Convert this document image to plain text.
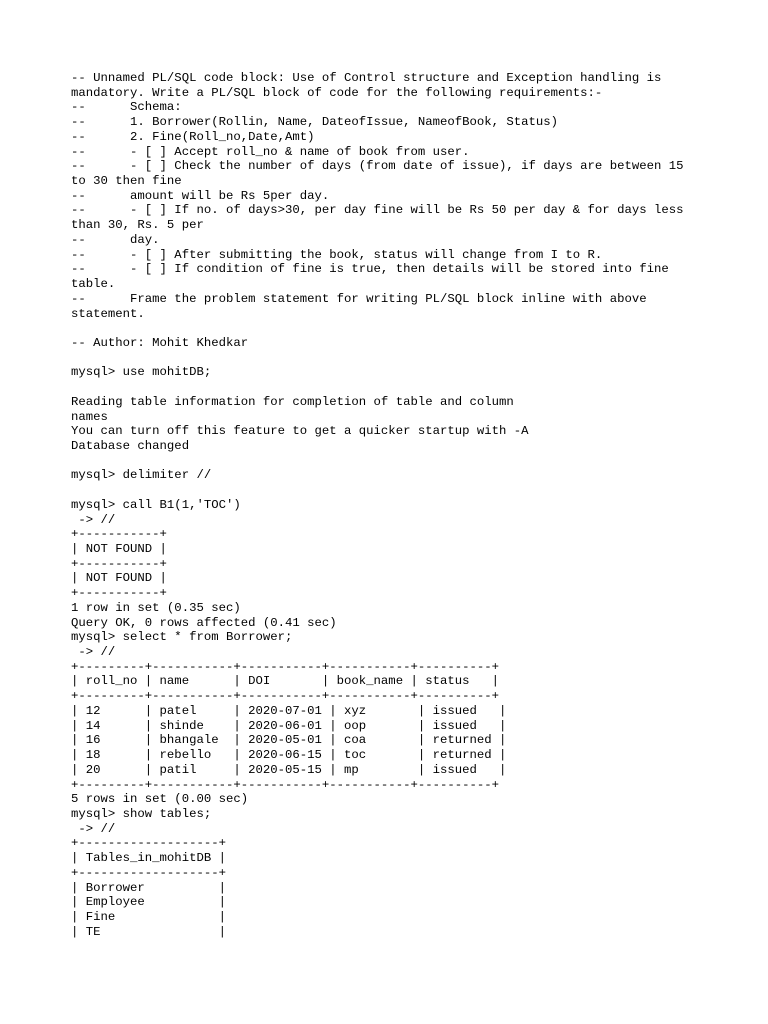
-- Unnamed PL/SQL code block: Use of Control structure and Exception handling is
mandatory. Write a PL/SQL block of code for the following requirements:-
--      Schema:
--      1. Borrower(Rollin, Name, DateofIssue, NameofBook, Status)
--      2. Fine(Roll_no,Date,Amt)
--      - [ ] Accept roll_no & name of book from user.
--      - [ ] Check the number of days (from date of issue), if days are between 15
to 30 then fine
--      amount will be Rs 5per day.
--      - [ ] If no. of days>30, per day fine will be Rs 50 per day & for days less
than 30, Rs. 5 per
--      day.
--      - [ ] After submitting the book, status will change from I to R.
--      - [ ] If condition of fine is true, then details will be stored into fine
table.
--      Frame the problem statement for writing PL/SQL block inline with above
statement.
-- Author: Mohit Khedkar
mysql> use mohitDB;
Reading table information for completion of table and column
names
You can turn off this feature to get a quicker startup with -A
Database changed
mysql> delimiter //
mysql> call B1(1,'TOC')
-> //
+-----------+
| NOT FOUND |
+-----------+
| NOT FOUND |
+-----------+
1 row in set (0.35 sec)
Query OK, 0 rows affected (0.41 sec)
mysql> select * from Borrower;
-> //
+---------+-----------+-----------+-----------+----------+
| roll_no | name      | DOI       | book_name | status   |
+---------+-----------+-----------+-----------+----------+
| 12      | patel     | 2020-07-01 | xyz       | issued   |
| 14      | shinde    | 2020-06-01 | oop       | issued   |
| 16      | bhangale  | 2020-05-01 | coa       | returned |
| 18      | rebello   | 2020-06-15 | toc       | returned |
| 20      | patil     | 2020-05-15 | mp        | issued   |
+---------+-----------+-----------+-----------+----------+
5 rows in set (0.00 sec)
mysql> show tables;
-> //
+-------------------+
| Tables_in_mohitDB |
+-------------------+
| Borrower          |
| Employee          |
| Fine              |
| TE                |
